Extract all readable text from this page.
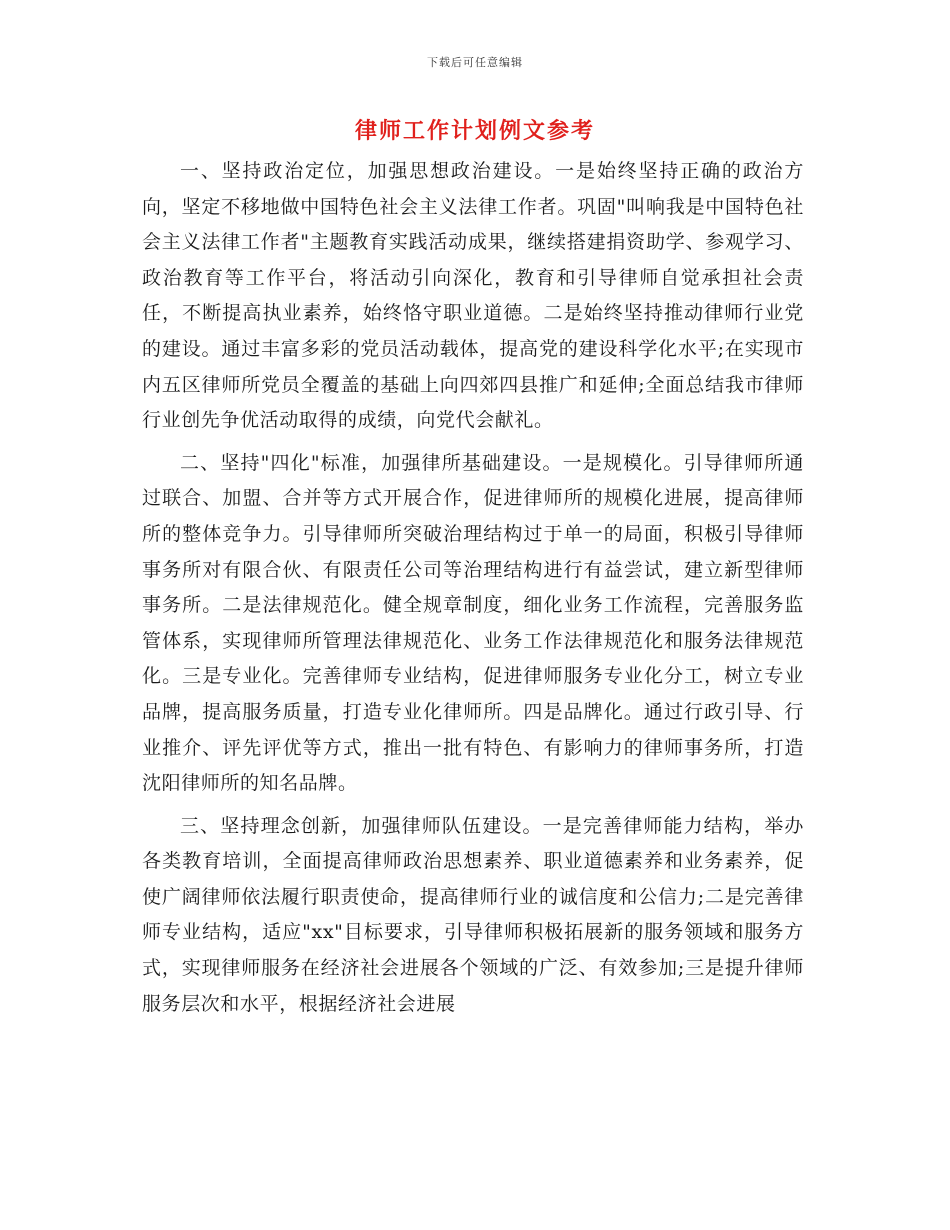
下载后可任意编辑
律师工作计划例文参考

一、坚持政治定位，加强思想政治建设。一是始终坚持正确的政治方向，坚定不移地做中国特色社会主义法律工作者。巩固"叫响我是中国特色社会主义法律工作者"主题教育实践活动成果，继续搭建捐资助学、参观学习、政治教育等工作平台，将活动引向深化，教育和引导律师自觉承担社会责任，不断提高执业素养，始终恪守职业道德。二是始终坚持推动律师行业党的建设。通过丰富多彩的党员活动载体，提高党的建设科学化水平;在实现市内五区律师所党员全覆盖的基础上向四郊四县推广和延伸;全面总结我市律师行业创先争优活动取得的成绩，向党代会献礼。

二、坚持"四化"标准，加强律所基础建设。一是规模化。引导律师所通过联合、加盟、合并等方式开展合作，促进律师所的规模化进展，提高律师所的整体竞争力。引导律师所突破治理结构过于单一的局面，积极引导律师事务所对有限合伙、有限责任公司等治理结构进行有益尝试，建立新型律师事务所。二是法律规范化。健全规章制度，细化业务工作流程，完善服务监管体系，实现律师所管理法律规范化、业务工作法律规范化和服务法律规范化。三是专业化。完善律师专业结构，促进律师服务专业化分工，树立专业品牌，提高服务质量，打造专业化律师所。四是品牌化。通过行政引导、行业推介、评先评优等方式，推出一批有特色、有影响力的律师事务所，打造沈阳律师所的知名品牌。

三、坚持理念创新，加强律师队伍建设。一是完善律师能力结构，举办各类教育培训，全面提高律师政治思想素养、职业道德素养和业务素养，促使广阔律师依法履行职责使命，提高律师行业的诚信度和公信力;二是完善律师专业结构，适应"xx"目标要求，引导律师积极拓展新的服务领域和服务方式，实现律师服务在经济社会进展各个领域的广泛、有效参加;三是提升律师服务层次和水平，根据经济社会进展
